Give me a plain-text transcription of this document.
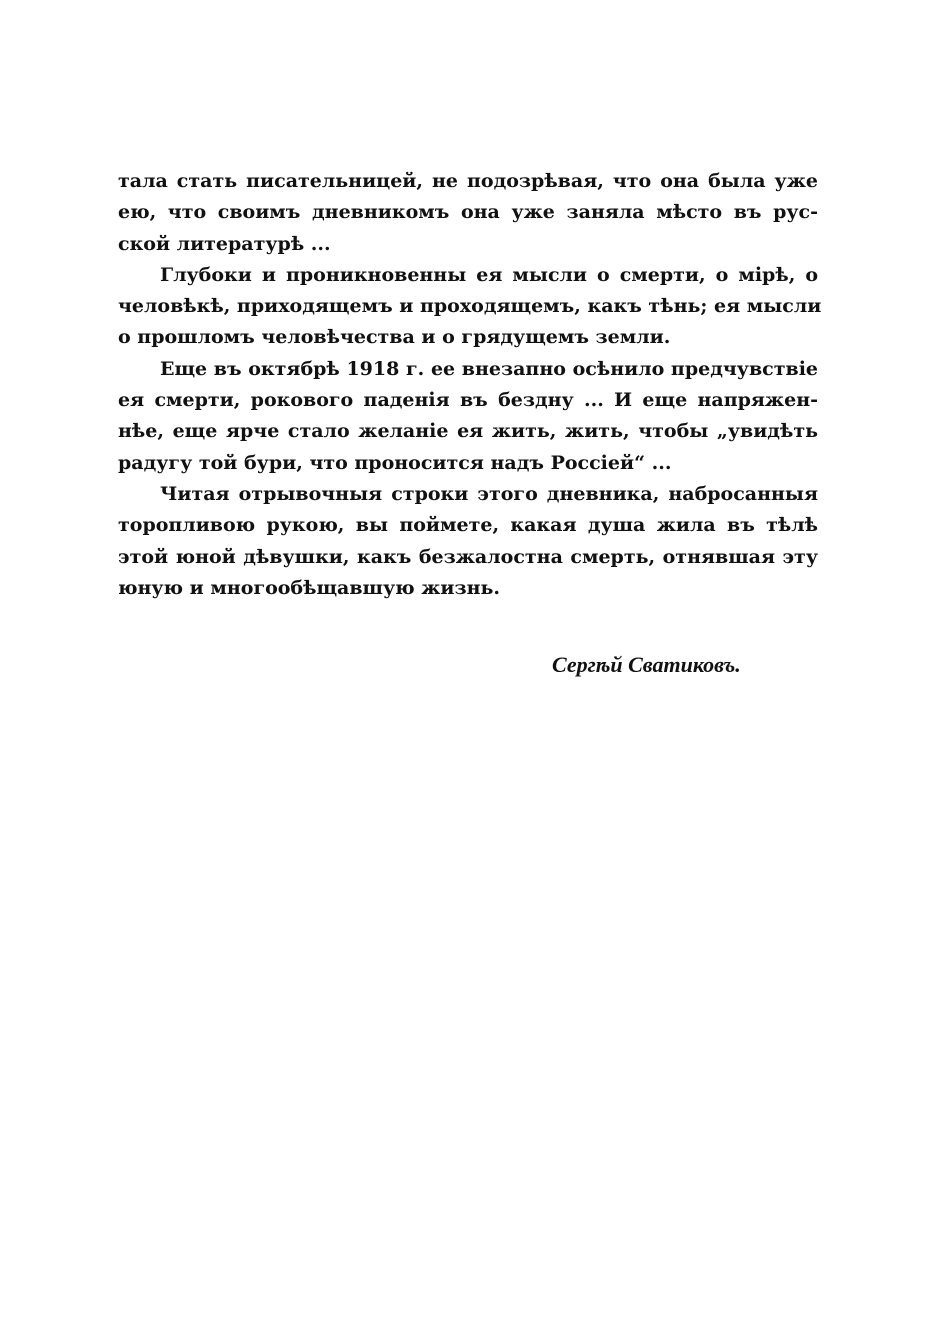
тала стать писательницей, не подозрѣвая, что она была уже
ею, что своимъ дневникомъ она уже заняла мѣсто въ рус-
ской литературѣ ...
Глубоки и проникновенны ея мысли о смерти, о мірѣ, о
человѣкѣ, приходящемъ и проходящемъ, какъ тѣнь; ея мысли
о прошломъ человѣчества и о грядущемъ земли.
Еще въ октябрѣ 1918 г. ее внезапно осѣнило предчувствіе
ея смерти, рокового паденія въ бездну ... И еще напряжен-
нѣе, еще ярче стало желаніе ея жить, жить, чтобы „увидѣть
радугу той бури, что проносится надъ Россіей“ ...
Читая отрывочныя строки этого дневника, набросанныя
торопливою рукою, вы поймете, какая душа жила въ тѣлѣ
этой юной дѣвушки, какъ безжалостна смерть, отнявшая эту
юную и многообѣщавшую жизнь.
Сергѣй Сватиковъ.
